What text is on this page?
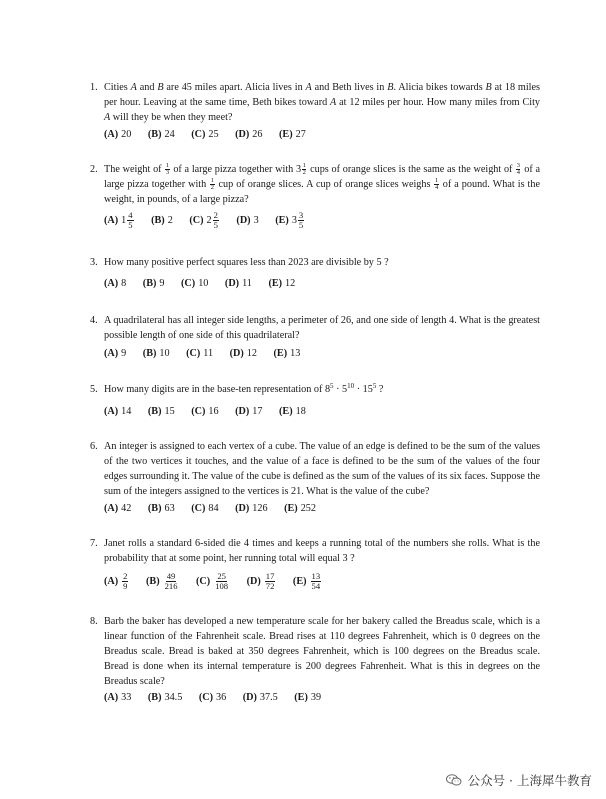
1. Cities A and B are 45 miles apart. Alicia lives in A and Beth lives in B. Alicia bikes towards B at 18 miles per hour. Leaving at the same time, Beth bikes toward A at 12 miles per hour. How many miles from City A will they be when they meet?
(A) 20 (B) 24 (C) 25 (D) 26 (E) 27
2. The weight of $\frac{1}{3}$ of a large pizza together with $3 \frac{1}{2}$ cups of orange slices is the same as the weight of $\frac{3}{4}$ of a large pizza together with $\frac{1}{2}$ cup of orange slices. A cup of orange slices weighs $\frac{1}{4}$ of a pound. What is the weight, in pounds, of a large pizza?
(A) $1 \frac{4}{5} (B)$ 2 (C) $2 \frac{2}{5} (D)$ 3 (E) $3 \frac{3}{5}$
3. How many positive perfect squares less than 2023 are divisible by 5 ?
(A) 8 (B) 9 (C) 10 (D) 11 (E) 12
4. A quadrilateral has all integer side lengths, a perimeter of 26, and one side of length 4. What is the greatest possible length of one side of this quadrilateral?
(A) 9 (B) 10 (C) 11 (D) 12 (E) 13
5. How many digits are in the base-ten representation of $8^5 \cdot 5^{10} \cdot 15^5$ ?
(A) 14 (B) 15 (C) 16 (D) 17 (E) 18
6. An integer is assigned to each vertex of a cube. The value of an edge is defined to be the sum of the values of the two vertices it touches, and the value of a face is defined to be the sum of the values of the four edges surrounding it. The value of the cube is defined as the sum of the values of its six faces. Suppose the sum of the integers assigned to the vertices is 21. What is the value of the cube?
(A) 42 (B) 63 (C) 84 (D) 126 (E) 252
7. Janet rolls a standard 6-sided die 4 times and keeps a running total of the numbers she rolls. What is the probability that at some point, her running total will equal 3 ?
$(A) \frac{2}{9} (B) \frac{49}{216} (C) \frac{25}{108} (D) \frac{17}{72} (E) \frac{13}{54}$
8. Barb the baker has developed a new temperature scale for her bakery called the Breadus scale, which is a linear function of the Fahrenheit scale. Bread rises at 110 degrees Fahrenheit, which is 0 degrees on the Breadus scale. Bread is baked at 350 degrees Fahrenheit, which is 100 degrees on the Breadus scale. Bread is done when its internal temperature is 200 degrees Fahrenheit. What is this in degrees on the Breadus scale?
(A) 33 (B) 34.5 (C) 36 (D) 37.5 (E) 39
公众号 · 上海犀牛教育
